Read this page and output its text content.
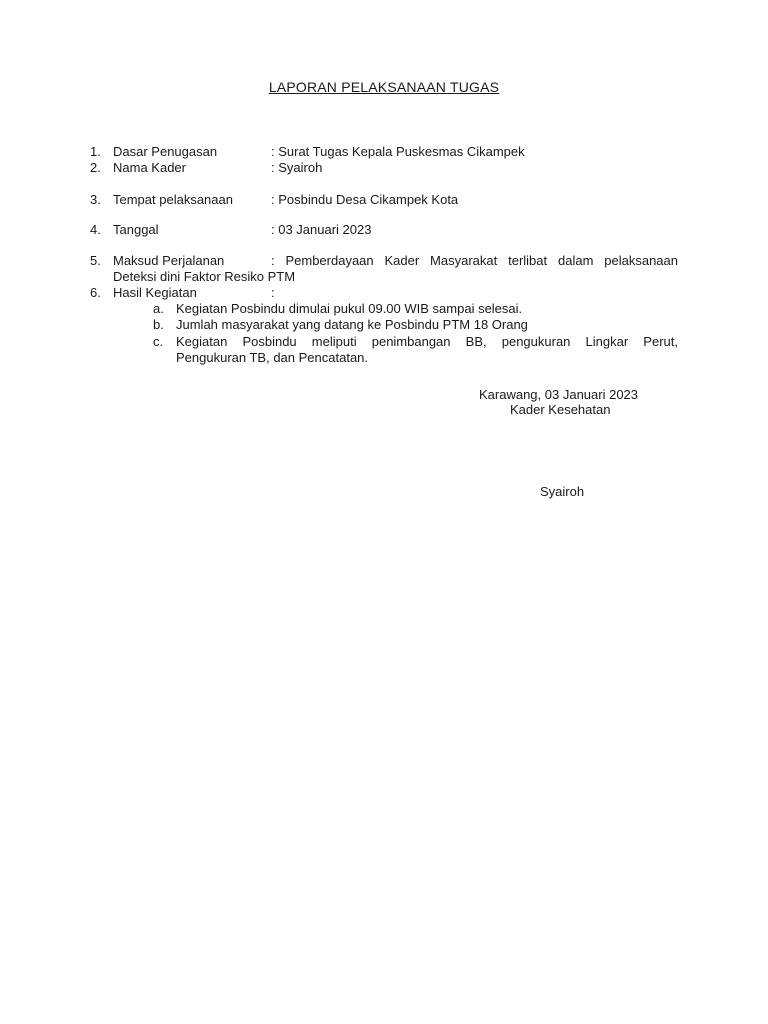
LAPORAN PELAKSANAAN TUGAS
1. Dasar Penugasan	: Surat Tugas Kepala Puskesmas Cikampek
2. Nama Kader	: Syairoh
3. Tempat pelaksanaan	: Posbindu Desa Cikampek Kota
4. Tanggal	: 03 Januari 2023
5. Maksud Perjalanan	: Pemberdayaan Kader Masyarakat terlibat dalam pelaksanaan
Deteksi dini Faktor Resiko PTM
6. Hasil Kegiatan	:
a. Kegiatan Posbindu dimulai pukul 09.00 WIB sampai selesai.
b. Jumlah masyarakat yang datang ke Posbindu PTM 18 Orang
c. Kegiatan Posbindu meliputi penimbangan BB, pengukuran Lingkar Perut,
Pengukuran TB, dan Pencatatan.
Karawang, 03 Januari 2023
Kader Kesehatan
Syairoh
